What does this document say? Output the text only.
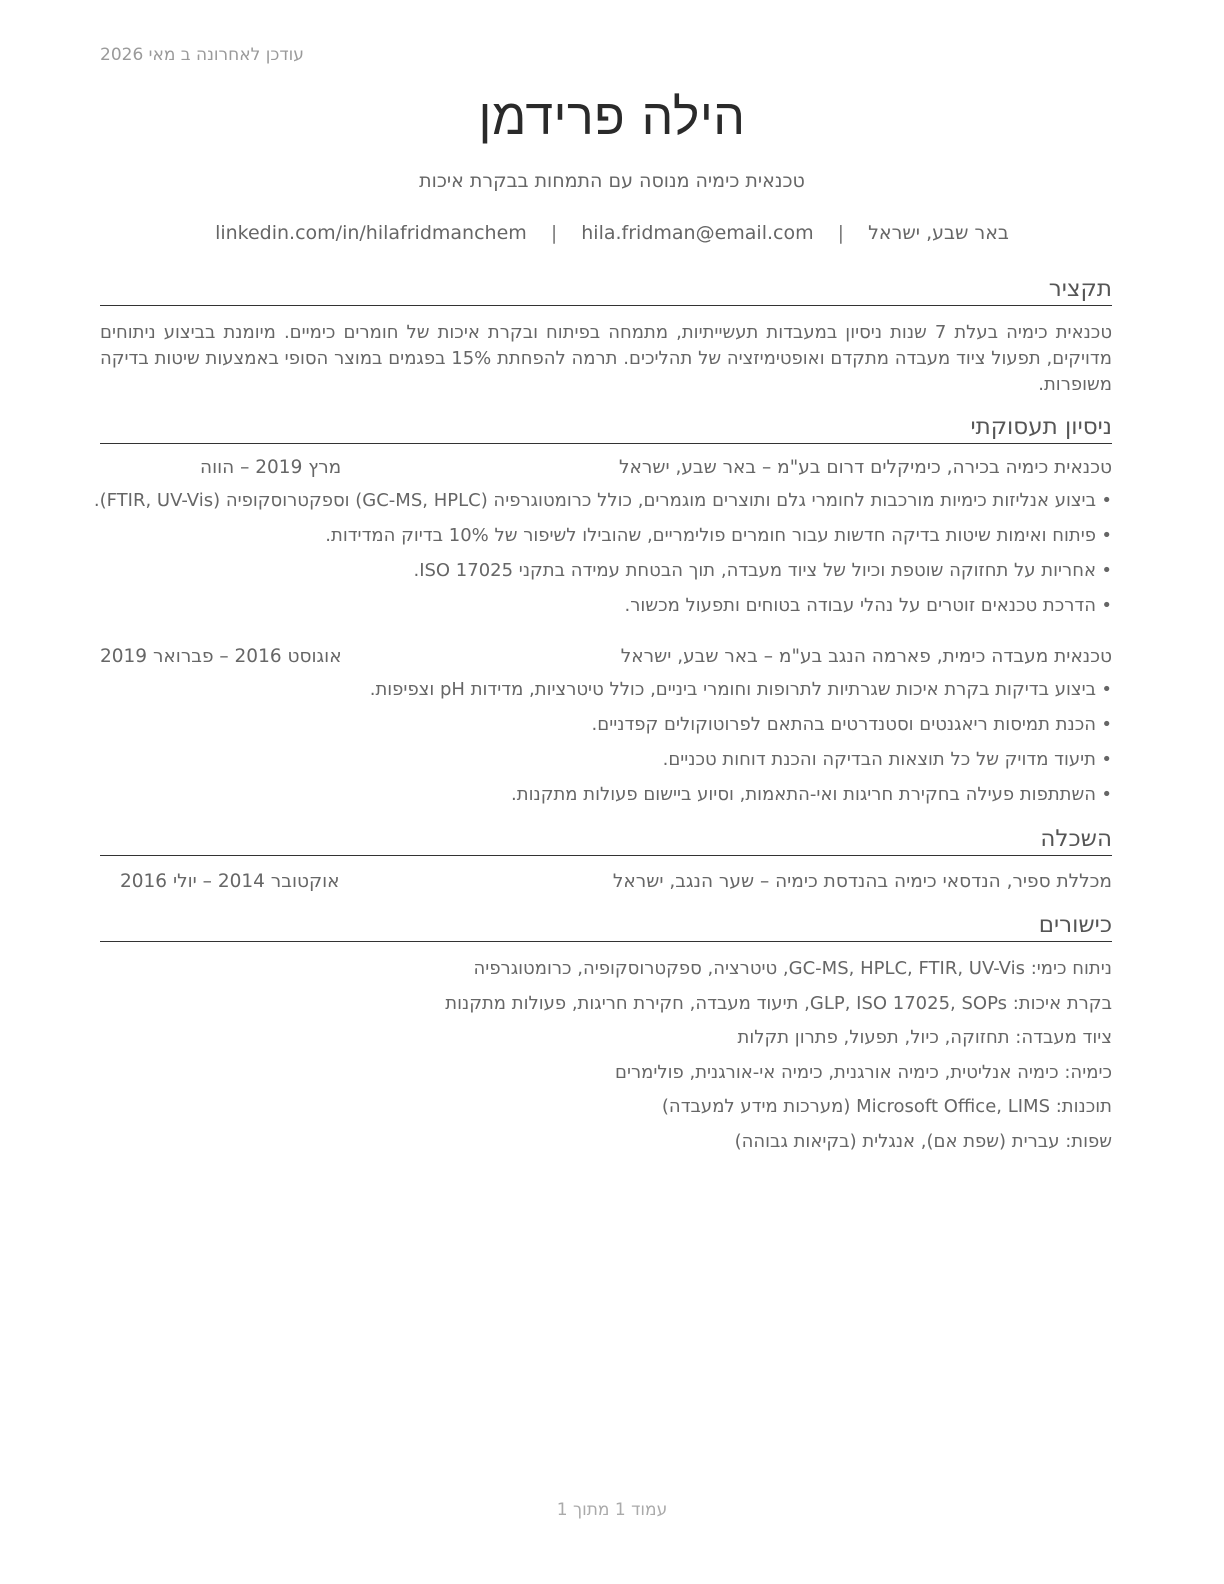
עודכן לאחרונה ב מאי 2026
הילה פרידמן
טכנאית כימיה מנוסה עם התמחות בבקרת איכות
באר שבע, ישראל | hila.fridman@email.com | linkedin.com/in/hilafridmanchem
תקציר

טכנאית כימיה בעלת 7 שנות ניסיון במעבדות תעשייתיות, מתמחה בפיתוח ובקרת איכות של חומרים כימיים. מיומנת בביצוע ניתוחים מדויקים, תפעול ציוד מעבדה מתקדם ואופטימיזציה של תהליכים. תרמה להפחתת 15% בפגמים במוצר הסופי באמצעות שיטות בדיקה משופרות.

ניסיון תעסוקתי
טכנאית כימיה בכירה, כימיקלים דרום בע"מ – באר שבע, ישראל
מרץ 2019 – הווה
• ביצוע אנליזות כימיות מורכבות לחומרי גלם ותוצרים מוגמרים, כולל כרומטוגרפיה (GC-MS, HPLC) וספקטרוסקופיה (FTIR, UV-Vis).
• פיתוח ואימות שיטות בדיקה חדשות עבור חומרים פולימריים, שהובילו לשיפור של 10% בדיוק המדידות.
• אחריות על תחזוקה שוטפת וכיול של ציוד מעבדה, תוך הבטחת עמידה בתקני ISO 17025.
• הדרכת טכנאים זוטרים על נהלי עבודה בטוחים ותפעול מכשור.
טכנאית מעבדה כימית, פארמה הנגב בע"מ – באר שבע, ישראל
אוגוסט 2016 – פברואר 2019
• ביצוע בדיקות בקרת איכות שגרתיות לתרופות וחומרי ביניים, כולל טיטרציות, מדידות pH וצפיפות.
• הכנת תמיסות ריאגנטים וסטנדרטים בהתאם לפרוטוקולים קפדניים.
• תיעוד מדויק של כל תוצאות הבדיקה והכנת דוחות טכניים.
• השתתפות פעילה בחקירת חריגות ואי-התאמות, וסיוע ביישום פעולות מתקנות.
השכלה
מכללת ספיר, הנדסאי כימיה בהנדסת כימיה – שער הנגב, ישראל
אוקטובר 2014 – יולי 2016
כישורים
ניתוח כימי: GC-MS, HPLC, FTIR, UV-Vis, טיטרציה, ספקטרוסקופיה, כרומטוגרפיה
בקרת איכות: GLP, ISO 17025, SOPs, תיעוד מעבדה, חקירת חריגות, פעולות מתקנות
ציוד מעבדה: תחזוקה, כיול, תפעול, פתרון תקלות
כימיה: כימיה אנליטית, כימיה אורגנית, כימיה אי-אורגנית, פולימרים
תוכנות: Microsoft Office, LIMS (מערכות מידע למעבדה)
שפות: עברית (שפת אם), אנגלית (בקיאות גבוהה)
עמוד 1 מתוך 1
